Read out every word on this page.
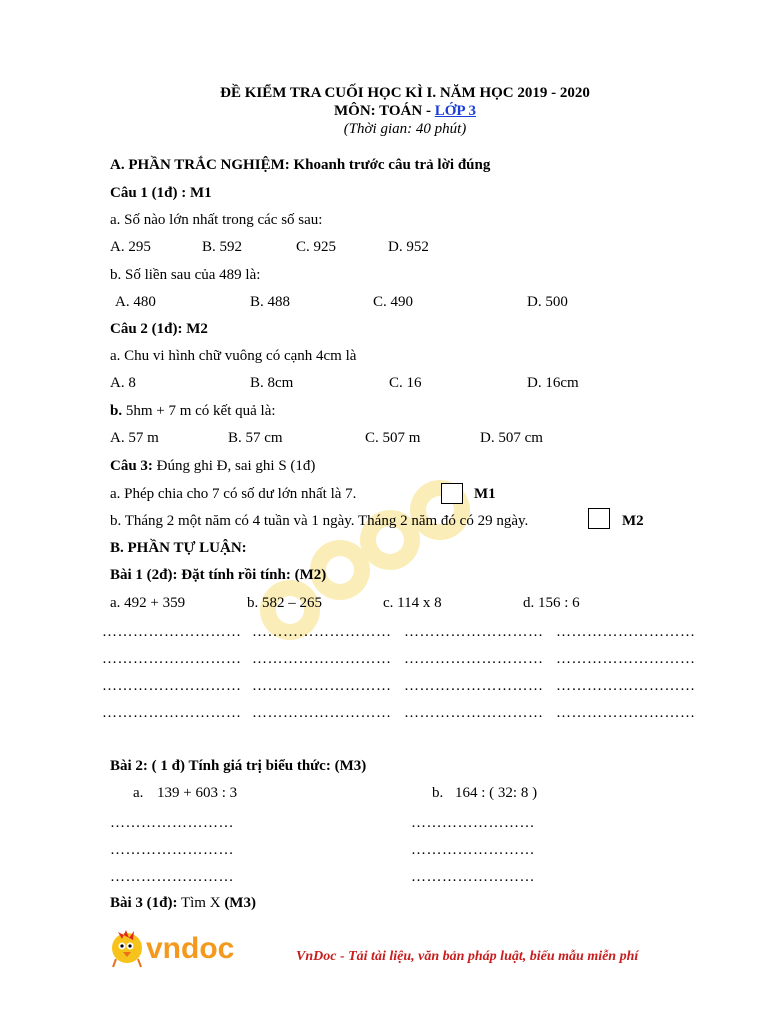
ĐỀ KIỂM TRA CUỐI HỌC KÌ I. NĂM HỌC 2019 - 2020
MÔN: TOÁN - LỚP 3
(Thời gian: 40 phút)
A. PHẦN TRẮC NGHIỆM: Khoanh trước câu trả lời đúng
Câu 1 (1đ) : M1
a. Số nào lớn nhất trong các số sau:
A. 295	B. 592	C. 925	D. 952
b. Số liền sau của 489 là:
A. 480	B. 488	C. 490	D. 500
Câu 2 (1đ): M2
a. Chu vi hình chữ vuông có cạnh 4cm là
A. 8	B. 8cm	C. 16	D. 16cm
b. 5hm + 7 m có kết quả là:
A. 57 m	B. 57 cm	C. 507 m	D. 507 cm
Câu 3: Đúng ghi Đ, sai ghi S (1đ)
a. Phép chia cho 7 có số dư lớn nhất là 7.	M1
b. Tháng 2 một năm có 4 tuần và 1 ngày. Tháng 2 năm đó có 29 ngày.	M2
B. PHẦN TỰ LUẬN:
Bài 1 (2đ): Đặt tính rồi tính: (M2)
a. 492 + 359	b. 582 – 265	c. 114 x 8	d. 156 : 6
……………………… ……………………… ……………………… ………………………
……………………… ……………………… ……………………… ………………………
……………………… ……………………… ……………………… ………………………
……………………… ……………………… ……………………… ………………………
Bài 2: ( 1 đ) Tính giá trị biểu thức: (M3)
a. 139 + 603 : 3	b. 164 : ( 32: 8 )
……………………	……………………
……………………	……………………
……………………	……………………
Bài 3 (1đ): Tìm X (M3)
vndoc	VnDoc - Tải tài liệu, văn bản pháp luật, biểu mẫu miễn phí
